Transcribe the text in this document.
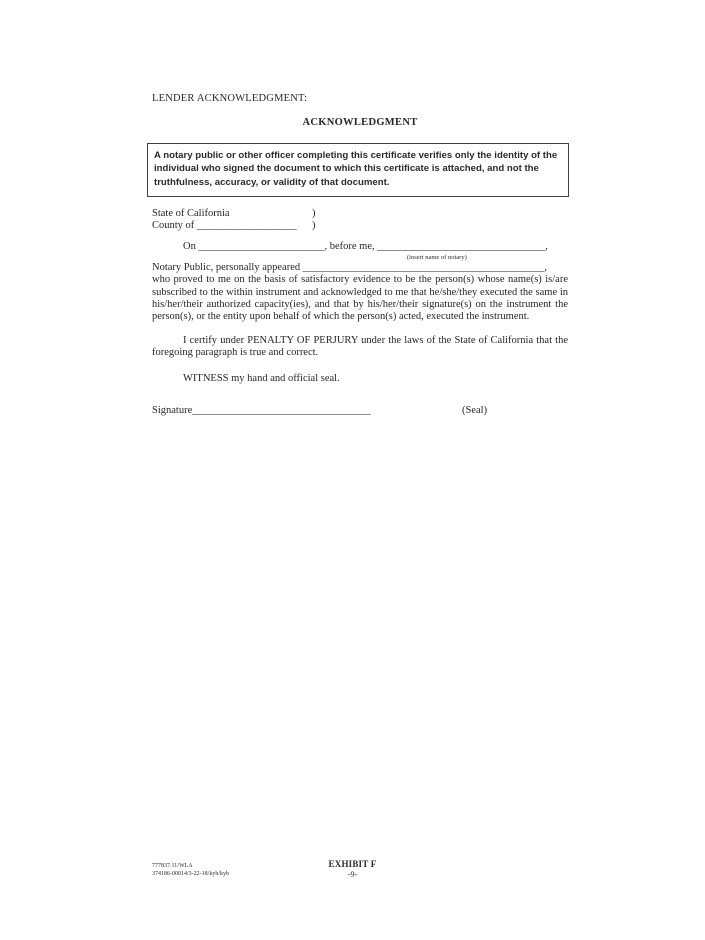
LENDER ACKNOWLEDGMENT:
ACKNOWLEDGMENT
A notary public or other officer completing this certificate verifies only the identity of the individual who signed the document to which this certificate is attached, and not the truthfulness, accuracy, or validity of that document.
State of California	)
County of ___________________ )
On ________________________, before me, ________________________________,
(insert name of notary)
Notary Public, personally appeared ______________________________________________,
who proved to me on the basis of satisfactory evidence to be the person(s) whose name(s) is/are subscribed to the within instrument and acknowledged to me that he/she/they executed the same in his/her/their authorized capacity(ies), and that by his/her/their signature(s) on the instrument the person(s), or the entity upon behalf of which the person(s) acted, executed the instrument.
I certify under PENALTY OF PERJURY under the laws of the State of California that the foregoing paragraph is true and correct.
WITNESS my hand and official seal.
Signature__________________________________	(Seal)
777837.11/WLA
374186-00014/3-22-18/kyb/kyb
EXHIBIT F
-9-
